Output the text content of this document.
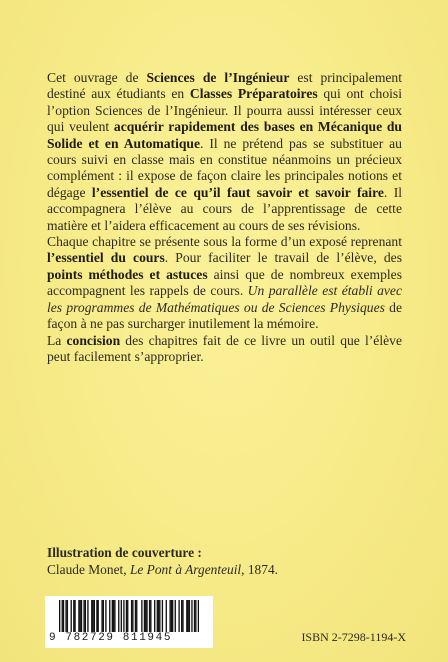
Cet ouvrage de Sciences de l’Ingénieur est principalement destiné aux étudiants en Classes Préparatoires qui ont choisi l’option Sciences de l’Ingénieur. Il pourra aussi intéresser ceux qui veulent acquérir rapidement des bases en Mécanique du Solide et en Automatique. Il ne prétend pas se substituer au cours suivi en classe mais en constitue néanmoins un précieux complément : il expose de façon claire les principales notions et dégage l’essentiel de ce qu’il faut savoir et savoir faire. Il accompagnera l’élève au cours de l’apprentissage de cette matière et l’aidera efficacement au cours de ses révisions.

Chaque chapitre se présente sous la forme d’un exposé reprenant l’essentiel du cours. Pour faciliter le travail de l’élève, des points méthodes et astuces ainsi que de nombreux exemples accompagnent les rappels de cours. Un parallèle est établi avec les programmes de Mathématiques ou de Sciences Physiques de façon à ne pas surcharger inutilement la mémoire.

La concision des chapitres fait de ce livre un outil que l’élève peut facilement s’approprier.

Illustration de couverture :
Claude Monet, Le Pont à Argenteuil, 1874.
9 782729 811945	ISBN 2-7298-1194-X
